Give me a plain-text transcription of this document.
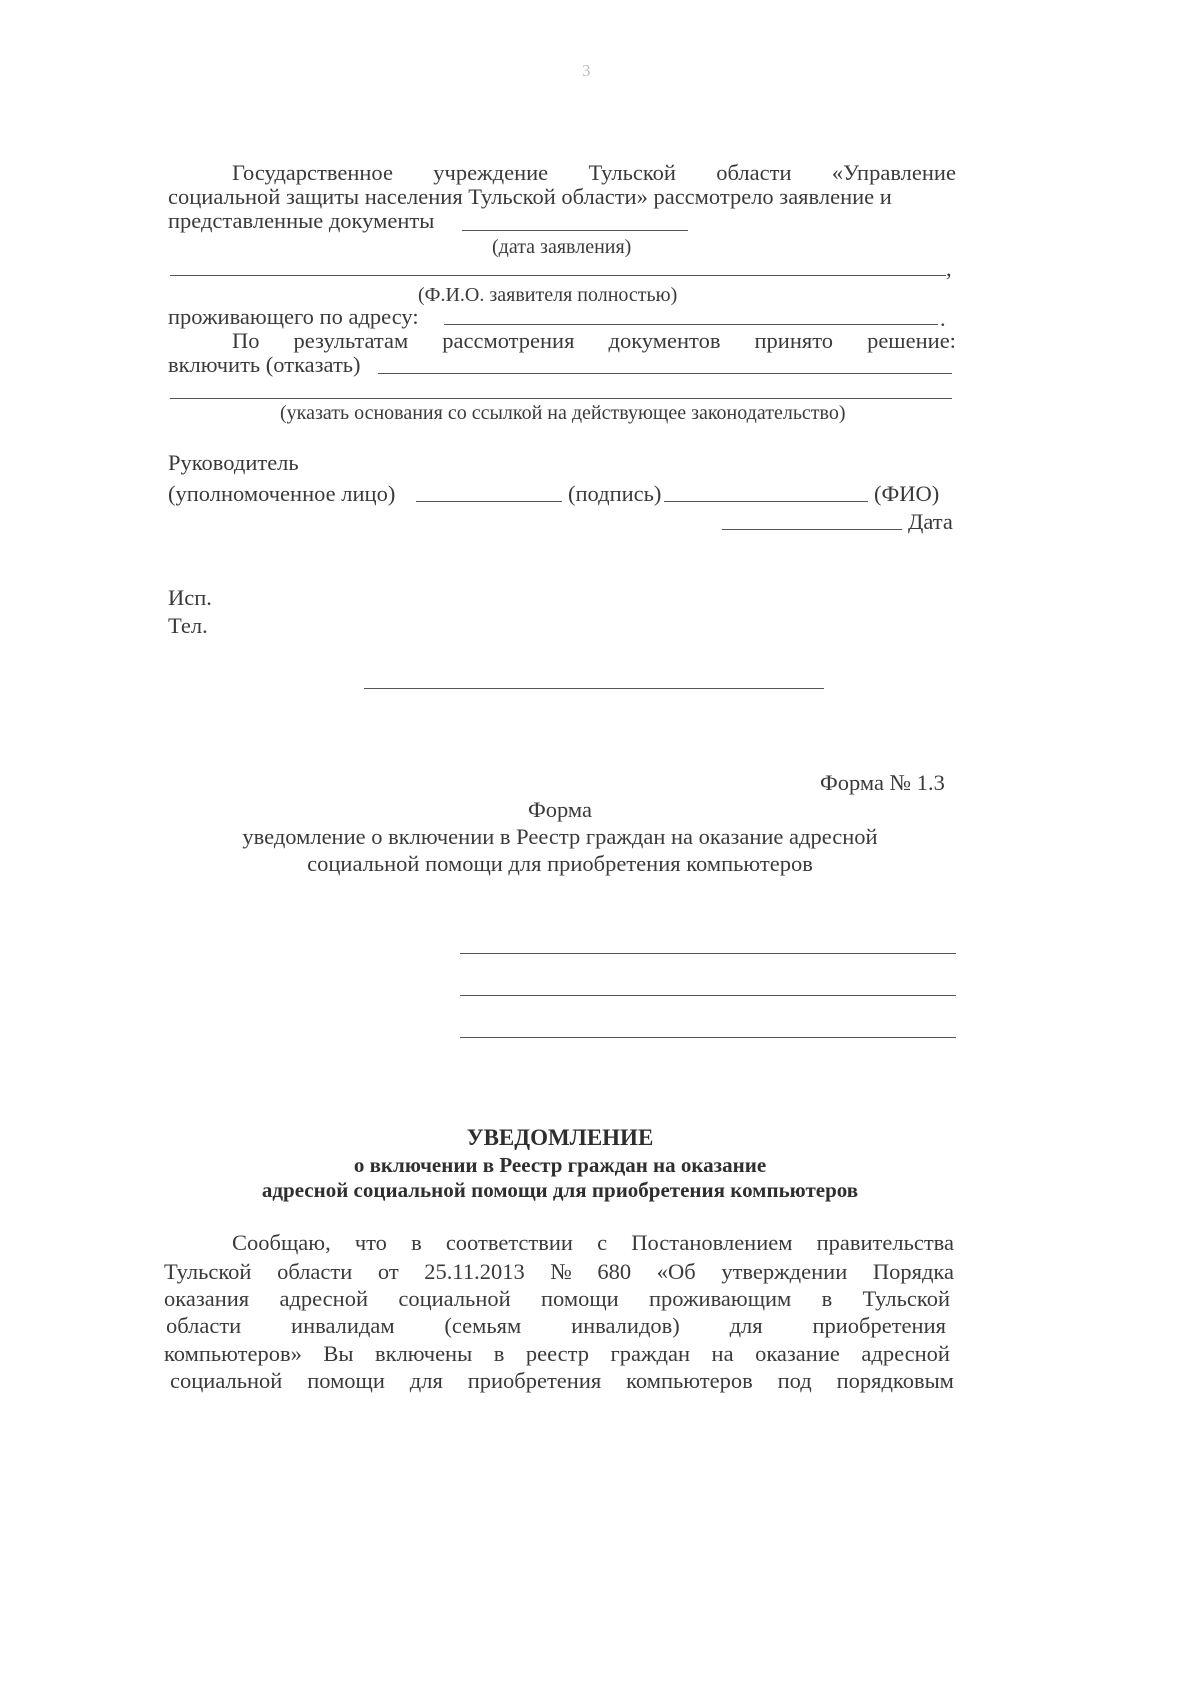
3
Государственное учреждение Тульской области «Управление
социальной защиты населения Тульской области» рассмотрело заявление и
представленные документы
(дата заявления)
,
(Ф.И.О. заявителя полностью)
проживающего по адресу:	.
По результатам рассмотрения документов принято решение:
включить (отказать)
(указать основания со ссылкой на действующее законодательство)
Руководитель
(уполномоченное лицо)	(подпись)	(ФИО)
Дата
Исп.
Тел.
Форма № 1.3
Форма
уведомление о включении в Реестр граждан на оказание адресной
социальной помощи для приобретения компьютеров
УВЕДОМЛЕНИЕ
о включении в Реестр граждан на оказание
адресной социальной помощи для приобретения компьютеров
Сообщаю, что в соответствии с Постановлением правительства
Тульской области от 25.11.2013 № 680 «Об утверждении Порядка
оказания адресной социальной помощи проживающим в Тульской
области инвалидам (семьям инвалидов) для приобретения
компьютеров» Вы включены в реестр граждан на оказание адресной
социальной помощи для приобретения компьютеров под порядковым
